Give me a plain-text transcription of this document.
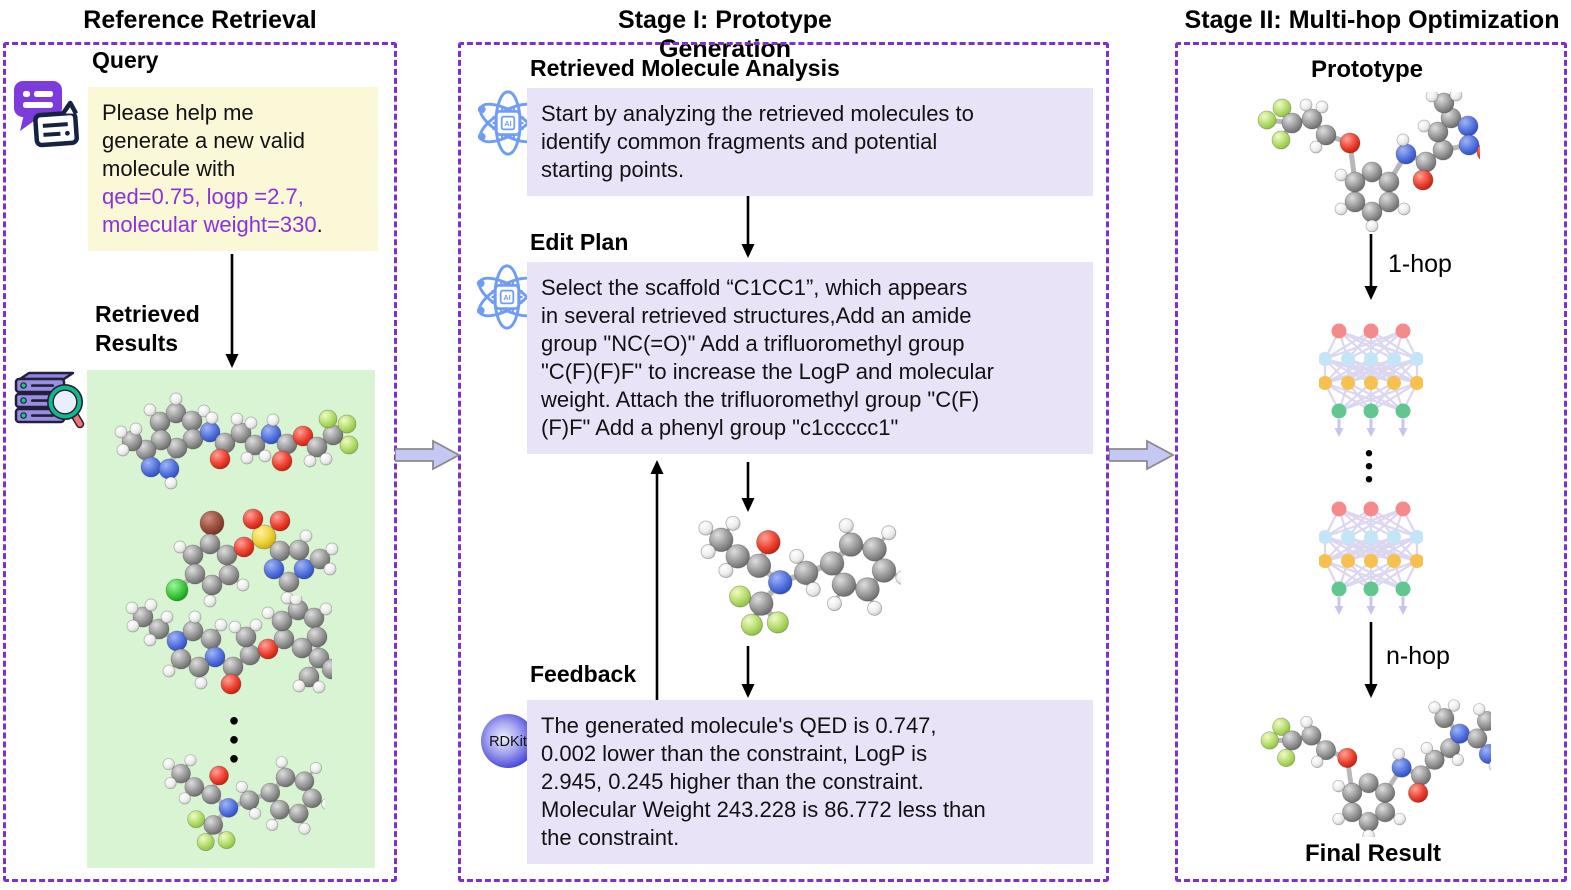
Reference Retrieval	Stage I: Prototype Generation
Stage II: Multi-hop Optimization
Query
Please help me
generate a new valid
molecule with
qed=0.75, logp =2.7,
molecular weight=330.
Retrieved Results
Retrieved Molecule Analysis
AI Start by analyzing the retrieved molecules to
identify common fragments and potential
starting points.
Edit Plan
AI Select the scaffold “C1CC1”, which appears
in several retrieved structures,Add an amide
group "NC(=O)" Add a trifluoromethyl group
"C(F)(F)F" to increase the LogP and molecular
weight. Attach the trifluoromethyl group "C(F)
(F)F" Add a phenyl group "c1ccccc1"
Feedback
RDKit
The generated molecule's QED is 0.747,
0.002 lower than the constraint, LogP is
2.945, 0.245 higher than the constraint.
Molecular Weight 243.228 is 86.772 less than
the constraint.
Prototype
1-hop
n-hop
Final Result
